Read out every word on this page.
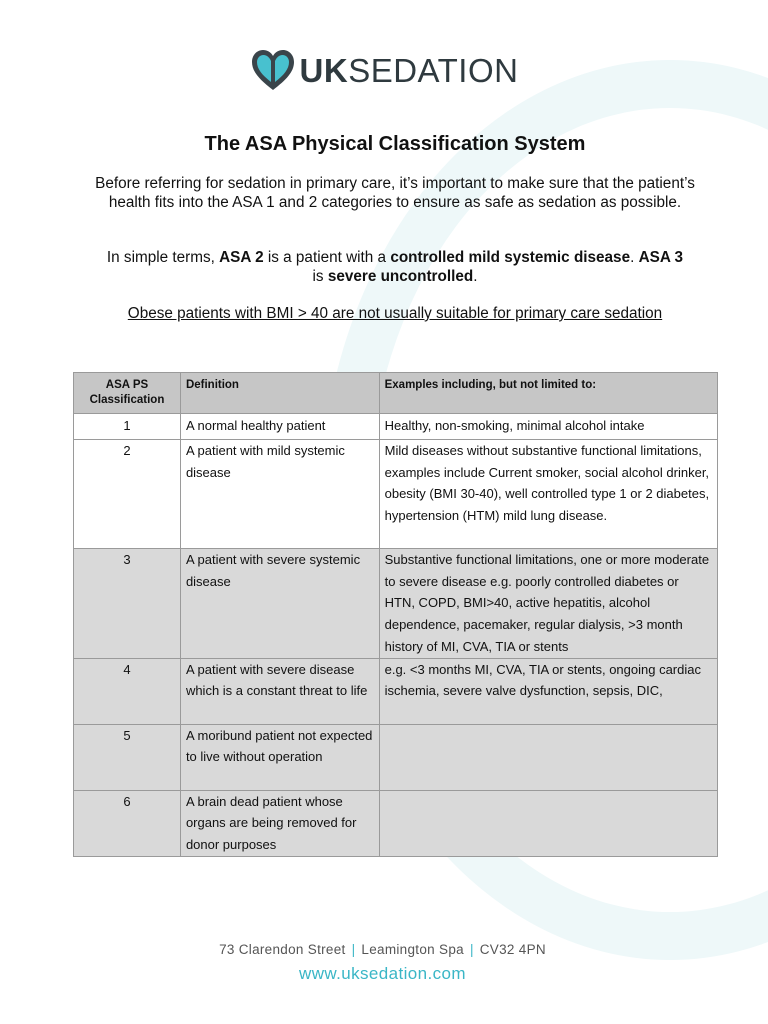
UKSEDATION
The ASA Physical Classification System

Before referring for sedation in primary care, it’s important to make sure that the patient’s health fits into the ASA 1 and 2 categories to ensure as safe as sedation as possible.

In simple terms, ASA 2 is a patient with a controlled mild systemic disease. ASA 3
is severe uncontrolled.

Obese patients with BMI > 40 are not usually suitable for primary care sedation

ASA PS Classification	Definition	Examples including, but not limited to:
1	A normal healthy patient	Healthy, non-smoking, minimal alcohol intake
2	A patient with mild systemic disease	Mild diseases without substantive functional limitations, examples include Current smoker, social alcohol drinker, obesity (BMI 30-40), well controlled type 1 or 2 diabetes, hypertension (HTM) mild lung disease.
3	A patient with severe systemic disease	Substantive functional limitations, one or more moderate to severe disease e.g. poorly controlled diabetes or HTN, COPD, BMI>40, active hepatitis, alcohol dependence, pacemaker, regular dialysis, >3 month history of MI, CVA, TIA or stents
4	A patient with severe disease which is a constant threat to life	e.g. <3 months MI, CVA, TIA or stents, ongoing cardiac ischemia, severe valve dysfunction, sepsis, DIC,
5	A moribund patient not expected to live without operation	
6	A brain dead patient whose organs are being removed for donor purposes	
73 Clarendon Street | Leamington Spa | CV32 4PN
www.uksedation.com
